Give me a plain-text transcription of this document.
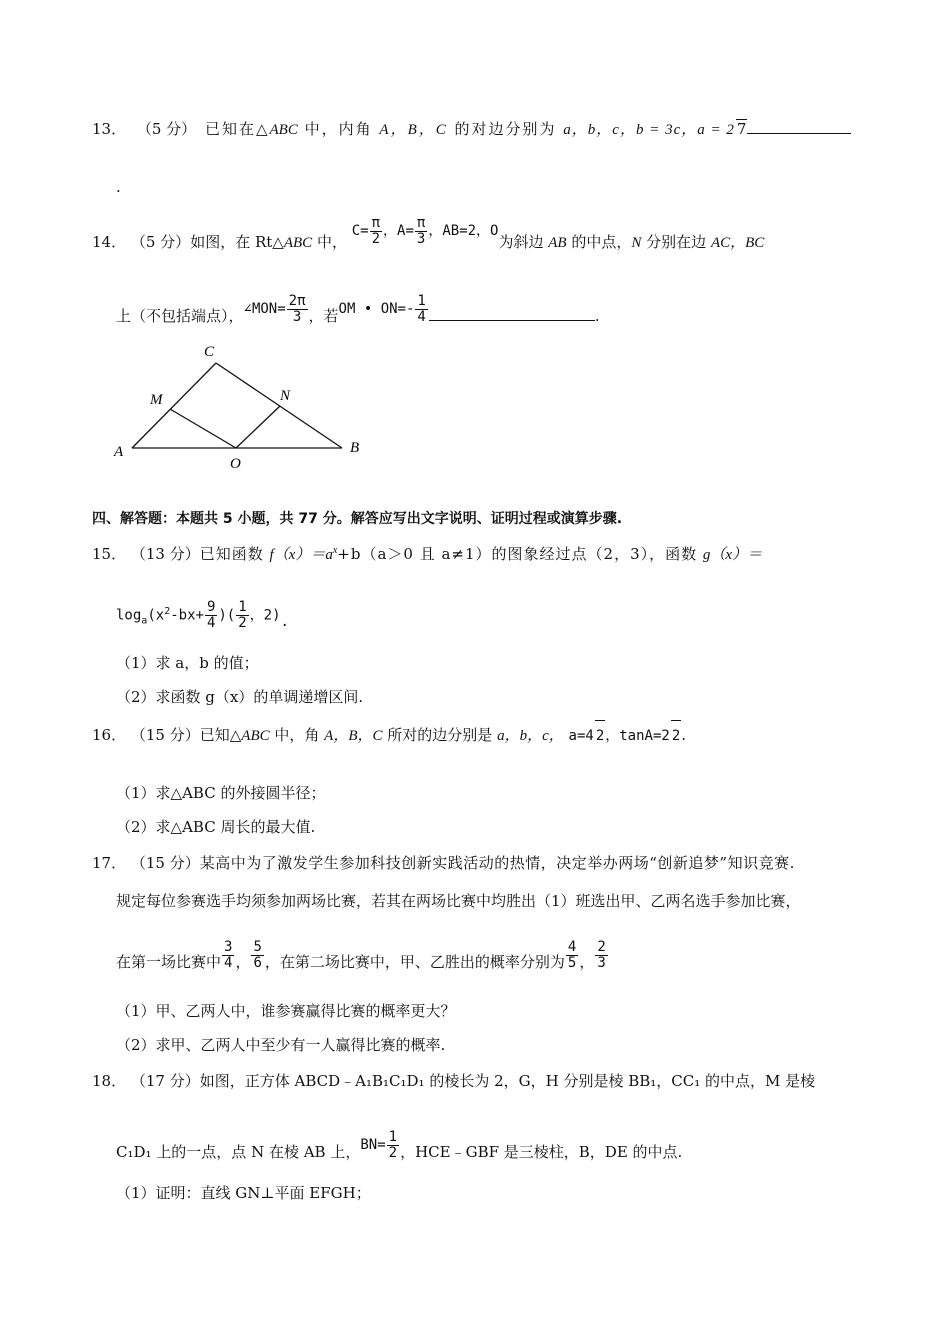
13． （5 分） 已知在△ABC 中，内角 A，B，C 的对边分别为 a，b，c，b = 3c，a = 2 7
.
14． （5 分）如图，在 Rt△ABC 中， $C= \frac{\pi}{2}$ ，$A= \frac{\pi}{3}$ ，AB=2，O为斜边 AB 的中点，N 分别在边 AC，BC
上（不包括端点），∠MON= $\frac{2\pi}{3}$ ，若OM • $ON=- \frac{1}{4}$	.
C
M	N
A
O
B
四、解答题：本题共 5 小题，共 77 分。解答应写出文字说明、证明过程或演算步骤.
15． （13 分）已知函数 $f(x)=a^x+b(a>0$ 且 a≠1）的图象经过点（2，3），函数 g（x）＝
$\log_a(x^2-bx+ \frac{9}{4}$ )( $\frac{1}{2}$ ，2).
（1）求 a，b 的值；
（2）求函数 g（x）的单调递增区间.
16． （15 分）已知△ABC 中，角 A，B，C 所对的边分别是 a，b，c， a=4 2，tanA=2 2.
（1）求△ABC 的外接圆半径；
（2）求△ABC 周长的最大值.
17． （15 分）某高中为了激发学生参加科技创新实践活动的热情，决定举办两场“创新追梦”知识竞赛.
规定每位参赛选手均须参加两场比赛，若其在两场比赛中均胜出（1）班选出甲、乙两名选手参加比赛，
在第一场比赛中 $\frac{3}{4}$ ， $\frac{5}{6}$ ，在第二场比赛中，甲、乙胜出的概率分别为 $\frac{4}{5}$ ， $\frac{2}{3}$
（1）甲、乙两人中，谁参赛赢得比赛的概率更大？
（2）求甲、乙两人中至少有一人赢得比赛的概率.
18． （17 分）如图，正方体 ABCD﹣A₁B₁C₁D₁ 的棱长为 2，G，H 分别是棱 BB₁，CC₁ 的中点，M 是棱
C₁D₁ 上的一点，点 N 在棱 AB 上，$BN= \frac{1}{2}$ ，HCE﹣GBF 是三棱柱，B，DE 的中点.
（1）证明：直线 GN⊥平面 EFGH；
